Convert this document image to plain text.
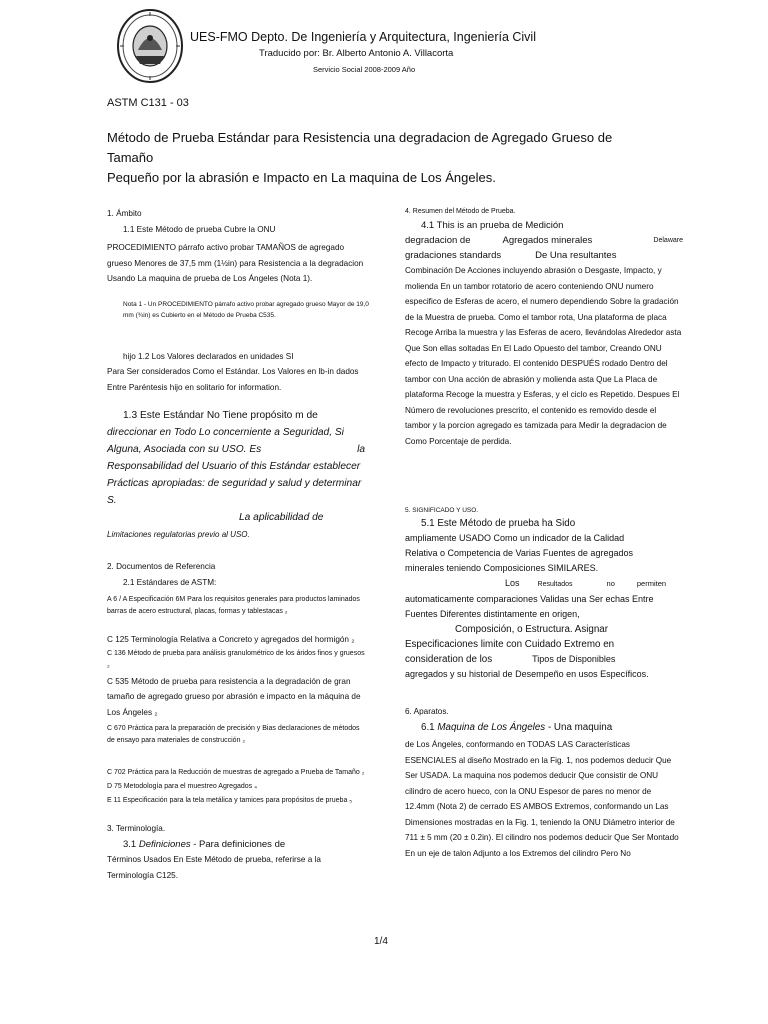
UES-FMO Depto. De Ingeniería y Arquitectura, Ingeniería Civil
Traducido por: Br. Alberto Antonio A. Villacorta
Servicio Social 2008-2009 Año
ASTM C131 - 03
Método de Prueba Estándar para Resistencia una degradacion de Agregado Grueso de Tamaño
Pequeño por la abrasión e Impacto en La maquina de Los Ángeles.

1. Ámbito

1.1 Este Método de prueba Cubre la ONU

PROCEDIMIENTO párrafo activo probar TAMAÑOS de agregado grueso Menores de 37,5 mm (1½in) para Resistencia a la degradacion Usando La maquina de prueba de Los Ángeles (Nota 1).

Nota 1 - Un PROCEDIMIENTO párrafo activo probar agregado grueso Mayor de 19,0 mm (¾in) es Cubierto en el Método de Prueba C535.

hijo 1.2 Los Valores declarados en unidades SI

Para Ser considerados Como el Estándar. Los Valores en lb-in dados Entre Paréntesis hijo en solitario for information.

1.3 Este Estándar No Tiene propósito m de

direccionar en Todo Lo concerniente a Seguridad, Si

Alguna, Asociada con su USO. Es	la

Responsabilidad del Usuario of this Estándar establecer

Prácticas apropiadas: de seguridad y salud y determinar S.

La aplicabilidad de

Limitaciones regulatorias previo al USO.

2. Documentos de Referencia

2.1 Estándares de ASTM:

A 6 / A Especificación 6M Para los requisitos generales para productos laminados barras de acero estructural, placas, formas y tablestacas ₂

C 125 Terminología Relativa a Concreto y agregados del hormigón ₂

C 136 Método de prueba para análisis granulométrico de los áridos finos y gruesos ₂

C 535 Método de prueba para resistencia a la degradación de gran tamaño de agregado grueso por abrasión e impacto en la máquina de Los Ángeles ₂

C 670 Práctica para la preparación de precisión y Bias declaraciones de métodos de ensayo para materiales de construcción ₂

C 702 Práctica para la Reducción de muestras de agregado a Prueba de Tamaño ₂

D 75 Metodología para el muestreo Agregados ₄

E 11 Especificación para la tela metálica y tamices para propósitos de prueba ₅

3. Terminología.

3.1 Definiciones - Para definiciones de

Términos Usados En Este Método de prueba, referirse a la Terminología C125.

4. Resumen del Método de Prueba.

4.1 This is an prueba de Medición

degradacion de	Agregados minerales	Delaware

gradaciones standards	De Una resultantes

Combinación De Acciones incluyendo abrasión o Desgaste, Impacto, y molienda En un tambor rotatorio de acero conteniendo ONU numero especifico de Esferas de acero, el numero dependiendo Sobre la gradación de la Muestra de prueba. Como el tambor rota, Una plataforma de placa Recoge Arriba la muestra y las Esferas de acero, llevándolas Alrededor asta Que Son ellas soltadas En El Lado Opuesto del tambor, Creando ONU efecto de Impacto y triturado. El contenido DESPUÉS rodado Dentro del tambor con Una acción de abrasión y molienda asta Que La Placa de plataforma Recoge la muestra y Esferas, y el ciclo es Repetido. Despues El Número de revoluciones prescrito, el contenido es removido desde el tambor y la porcion agregado es tamizada para Medir la degradacion de Como Porcentaje de perdida.

5. SIGNIFICADO Y USO.

5.1 Este Método de prueba ha Sido

ampliamente USADO Como un indicador de la Calidad

Relativa o Competencia de Varias Fuentes de agregados

minerales teniendo Composiciones SIMILARES.

Los	Resultados	no	permiten

automaticamente comparaciones Validas una Ser echas Entre

Fuentes Diferentes distintamente en origen,

Composición, o Estructura. Asignar

Especificaciones limite con Cuidado Extremo en

consideration de los	Tipos de Disponibles

agregados y su historial de Desempeño en usos Específicos.

6. Aparatos.

6.1 Maquina de Los Ángeles - Una maquina

de Los Ángeles, conformando en TODAS LAS Características ESENCIALES al diseño Mostrado en la Fig. 1, nos podemos deducir Que Ser USADA. La maquina nos podemos deducir Que consistir de ONU cilindro de acero hueco, con la ONU Espesor de pares no menor de 12.4mm (Nota 2) de cerrado ES AMBOS Extremos, conformando un Las Dimensiones mostradas en la Fig. 1, teniendo la ONU Diámetro interior de 711 ± 5 mm (20 ± 0.2in). El cilindro nos podemos deducir Que Ser Montado En un eje de talon Adjunto a los Extremos del cilindro Pero No

1/4
